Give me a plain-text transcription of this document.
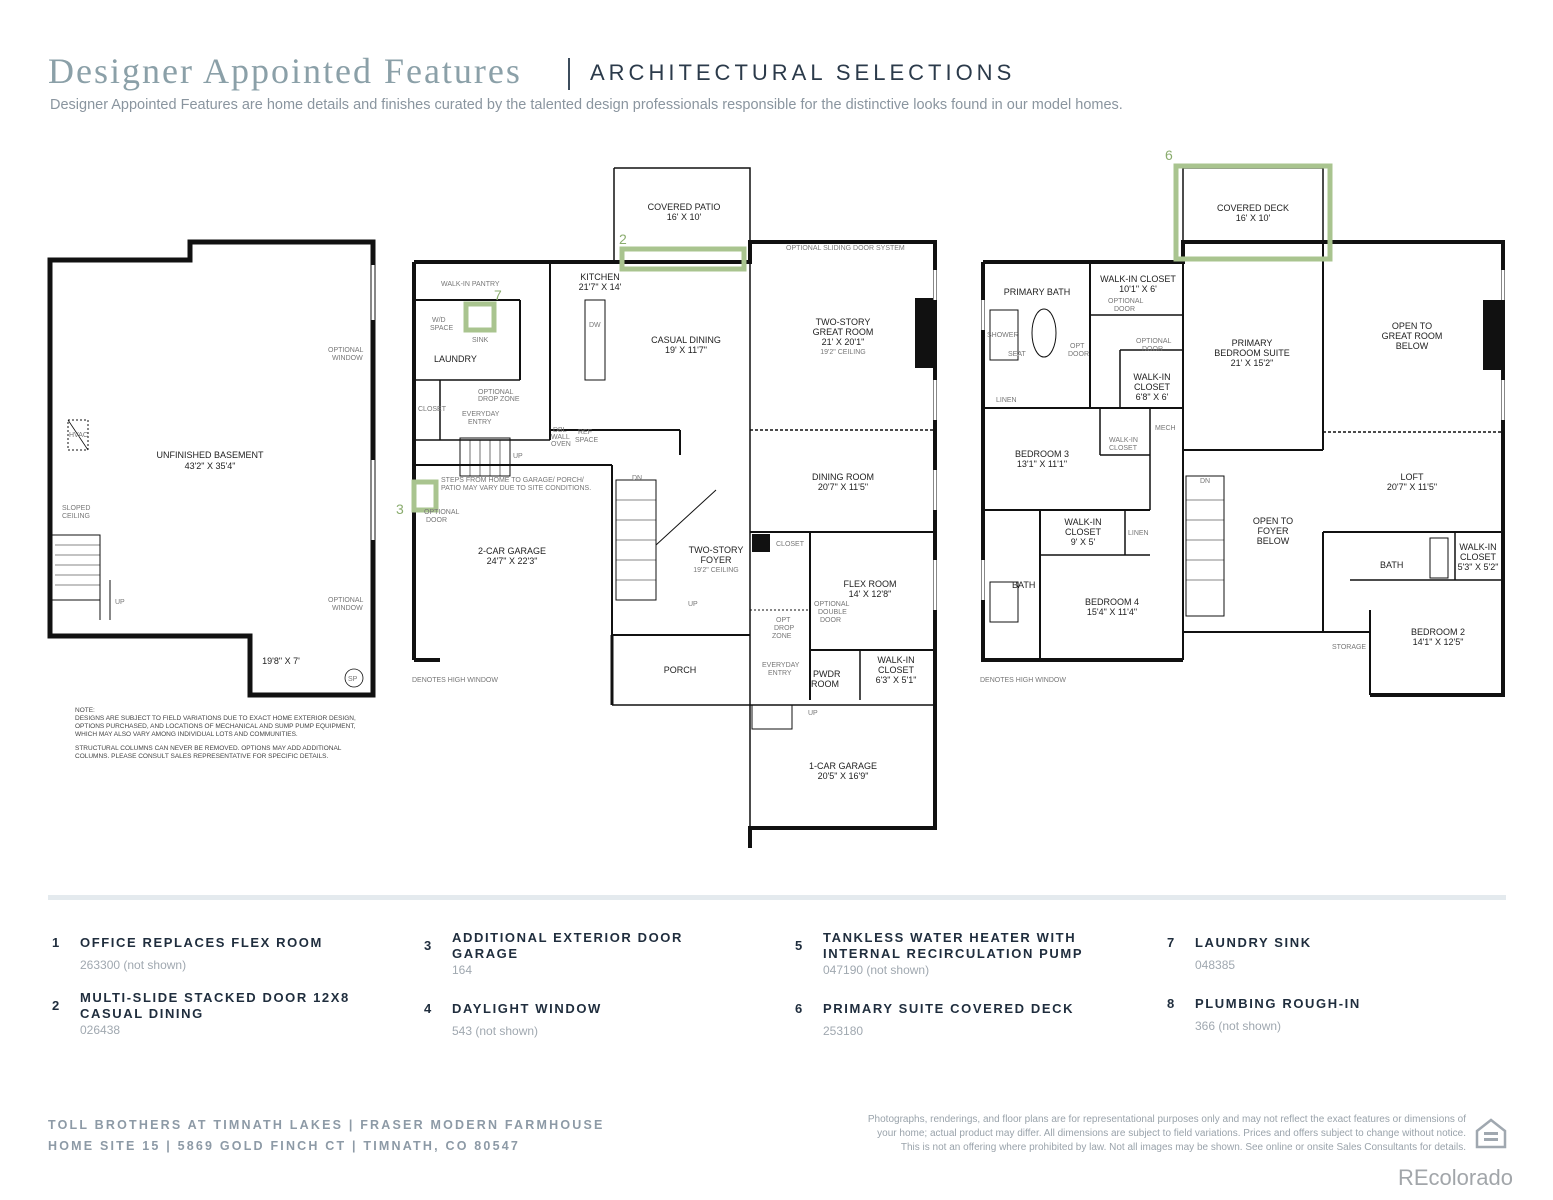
Designer Appointed Features	ARCHITECTURAL SELECTIONS
Designer Appointed Features are home details and finishes curated by the talented design professionals responsible for the distinctive looks found in our model homes.
2
7
3
6
UNFINISHED BASEMENT
43'2" X 35'4"
19'8" X 7'
HVAC
SLOPED
CEILING
UP
SP
OPTIONAL
WINDOW
OPTIONAL
WINDOW
NOTE:
DESIGNS ARE SUBJECT TO FIELD VARIATIONS DUE TO EXACT HOME EXTERIOR DESIGN,
OPTIONS PURCHASED, AND LOCATIONS OF MECHANICAL AND SUMP PUMP EQUIPMENT,
WHICH MAY ALSO VARY AMONG INDIVIDUAL LOTS AND COMMUNITIES.
STRUCTURAL COLUMNS CAN NEVER BE REMOVED. OPTIONS MAY ADD ADDITIONAL
COLUMNS. PLEASE CONSULT SALES REPRESENTATIVE FOR SPECIFIC DETAILS.
COVERED PATIO
16' X 10'
OPTIONAL SLIDING DOOR SYSTEM
WALK-IN PANTRY
KITCHEN
21'7" X 14'
CASUAL DINING
19' X 11'7"
TWO-STORY
GREAT ROOM
21' X 20'1"
19'2" CEILING
W/D
SPACE
SINK
LAUNDRY
CLOSET
EVERYDAY
ENTRY
OPTIONAL
DROP ZONE
DW
DBL
WALL
OVEN
REF
SPACE
UP
STEPS FROM HOME TO GARAGE/ PORCH/
PATIO MAY VARY DUE TO SITE CONDITIONS.
OPTIONAL
DOOR
DN	DINING ROOM
20'7" X 11'5"
2-CAR GARAGE
24'7" X 22'3"
TWO-STORY
FOYER
19'2" CEILING
UP
CLOSET
FLEX ROOM
14' X 12'8"
OPTIONAL
DOUBLE
DOOR
OPT
DROP
ZONE
PORCH	EVERYDAY
ENTRY PWDR
ROOM
WALK-IN
CLOSET
6'3" X 5'1"
UP
1-CAR GARAGE
20'5" X 16'9"
DENOTES HIGH WINDOW
COVERED DECK
16' X 10'
PRIMARY BATH
WALK-IN CLOSET
10'1" X 6'
OPTIONAL
DOOR
SHOWER
SEAT
OPT
DOOR
OPTIONAL
DOOR
WALK-IN
CLOSET
6'8" X 6'
LINEN
PRIMARY
BEDROOM SUITE
21' X 15'2"
OPEN TO
GREAT ROOM
BELOW
BEDROOM 3
13'1" X 11'1"
WALK-IN
CLOSET
MECH
DN	LOFT
20'7" X 11'5"
WALK-IN
CLOSET
9' X 5'
LINEN
OPEN TO
FOYER
BELOW
BATH
BATH
WALK-IN
CLOSET
5'3" X 5'2"
BEDROOM 4
15'4" X 11'4"
STORAGE
BEDROOM 2
14'1" X 12'5"
DENOTES HIGH WINDOW
1 OFFICE REPLACES FLEX ROOM
263300 (not shown)
2
MULTI-SLIDE STACKED DOOR 12X8 CASUAL DINING
026438
3
ADDITIONAL EXTERIOR DOOR GARAGE
164
4 DAYLIGHT WINDOW
543 (not shown)
5
TANKLESS WATER HEATER WITH INTERNAL RECIRCULATION PUMP
047190 (not shown)
6 PRIMARY SUITE COVERED DECK
253180
7 LAUNDRY SINK
048385
8 PLUMBING ROUGH-IN
366 (not shown)
TOLL BROTHERS AT TIMNATH LAKES | FRASER MODERN FARMHOUSE
HOME SITE 15 | 5869 GOLD FINCH CT | TIMNATH, CO 80547
Photographs, renderings, and floor plans are for representational purposes only and may not reflect the exact features or dimensions of
your home; actual product may differ. All dimensions are subject to field variations. Prices and offers subject to change without notice.
This is not an offering where prohibited by law. Not all images may be shown. See online or onsite Sales Consultants for details.
REcolorado
